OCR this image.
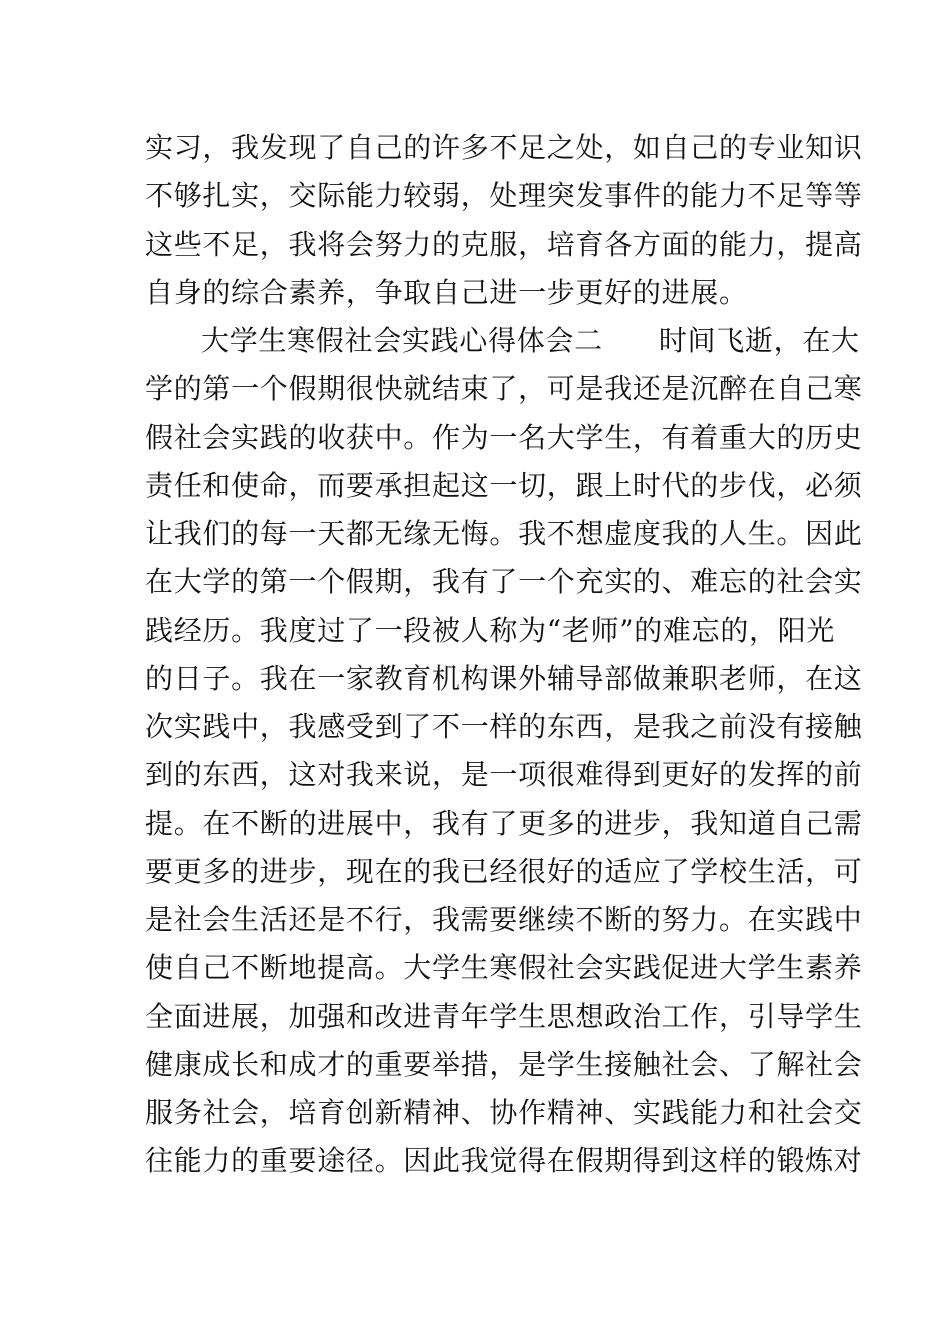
实习，我发现了自己的许多不足之处，如自己的专业知识
不够扎实，交际能力较弱，处理突发事件的能力不足等等
这些不足，我将会努力的克服，培育各方面的能力，提高
自身的综合素养，争取自己进一步更好的进展。
大学生寒假社会实践心得体会二 时间飞逝，在大
学的第一个假期很快就结束了，可是我还是沉醉在自己寒
假社会实践的收获中。作为一名大学生，有着重大的历史
责任和使命，而要承担起这一切，跟上时代的步伐，必须
让我们的每一天都无缘无悔。我不想虚度我的人生。因此
在大学的第一个假期，我有了一个充实的、难忘的社会实
践经历。我度过了一段被人称为“老师”的难忘的，阳光
的日子。我在一家教育机构课外辅导部做兼职老师，在这
次实践中，我感受到了不一样的东西，是我之前没有接触
到的东西，这对我来说，是一项很难得到更好的发挥的前
提。在不断的进展中，我有了更多的进步，我知道自己需
要更多的进步，现在的我已经很好的适应了学校生活，可
是社会生活还是不行，我需要继续不断的努力。在实践中
使自己不断地提高。大学生寒假社会实践促进大学生素养
全面进展，加强和改进青年学生思想政治工作，引导学生
健康成长和成才的重要举措，是学生接触社会、了解社会
服务社会，培育创新精神、协作精神、实践能力和社会交
往能力的重要途径。因此我觉得在假期得到这样的锻炼对
